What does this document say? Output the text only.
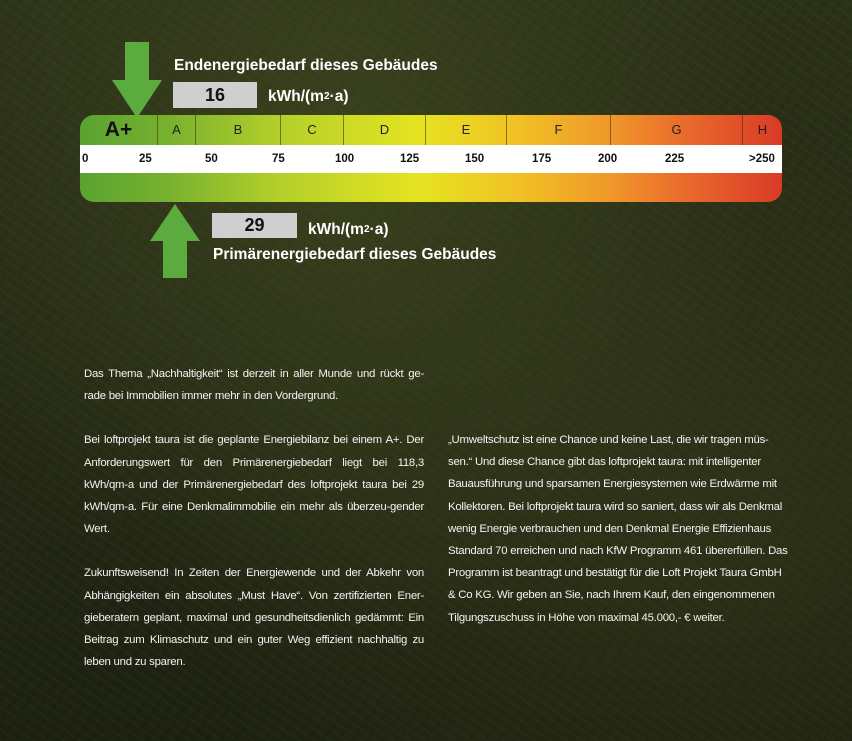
Endenergiebedarf dieses Gebäudes
16	kWh/$(m^2\cdot a)$
A+	A	B	C	D	E	F	G	H
0	25	50	75	100	125	150	175	200	225	>250
29	kWh/$(m^2\cdot a)$
Primärenergiebedarf dieses Gebäudes

Das Thema „Nachhaltigkeit“ ist derzeit in aller Munde und rückt ge-rade bei Immobilien immer mehr in den Vordergrund.

Bei loftprojekt taura ist die geplante Energiebilanz bei einem A+. Der Anforderungswert für den Primärenergiebedarf liegt bei 118,3 kWh/qm-a und der Primärenergiebedarf des loftprojekt taura bei 29 kWh/qm-a. Für eine Denkmalimmobilie ein mehr als überzeu-gender Wert.

Zukunftsweisend! In Zeiten der Energiewende und der Abkehr von Abhängigkeiten ein absolutes „Must Have“. Von zertifizierten Ener-gieberatern geplant, maximal und gesundheitsdienlich gedämmt: Ein Beitrag zum Klimaschutz und ein guter Weg effizient nachhaltig zu leben und zu sparen.

„Umweltschutz ist eine Chance und keine Last, die wir tragen müs-sen.“ Und diese Chance gibt das loftprojekt taura: mit intelligenter Bauausführung und sparsamen Energiesystemen wie Erdwärme mit Kollektoren. Bei loftprojekt taura wird so saniert, dass wir als Denkmal wenig Energie verbrauchen und den Denkmal Energie Effizienhaus Standard 70 erreichen und nach KfW Programm 461 übererfüllen. Das Programm ist beantragt und bestätigt für die Loft Projekt Taura GmbH & Co KG. Wir geben an Sie, nach Ihrem Kauf, den eingenommenen Tilgungszuschuss in Höhe von maximal 45.000,- € weiter.
